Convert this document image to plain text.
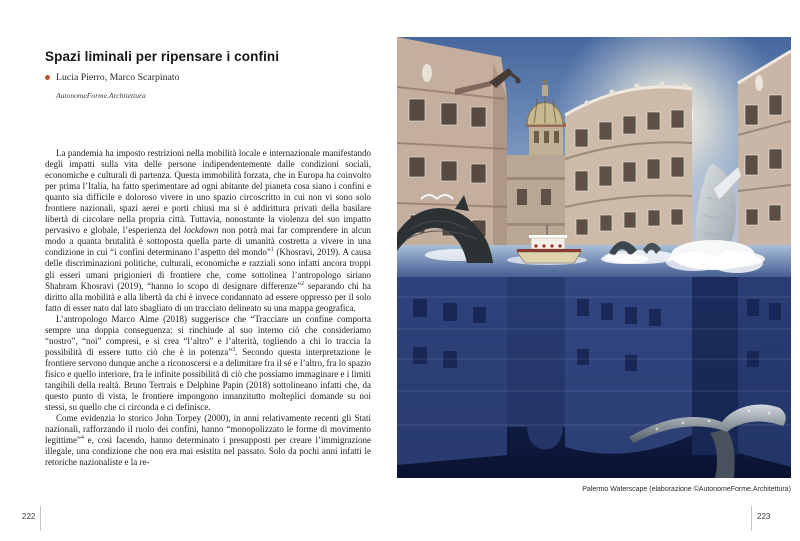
Spazi liminali per ripensare i confini
Lucia Pierro, Marco Scarpinato
AutonomeForme.Architettura

La pandemia ha imposto restrizioni nella mobilità locale e internazionale manifestando degli impatti sulla vita delle persone indipendentemente dalle condizioni sociali, economiche e culturali di partenza. Questa immobilità forzata, che in Europa ha coinvolto per prima l’Italia, ha fatto sperimentare ad ogni abitante del pianeta cosa siano i confini e quanto sia difficile e doloroso vivere in uno spazio circoscritto in cui non vi sono solo frontiere nazionali, spazi aerei e porti chiusi ma si è addirittura privati della basilare libertà di circolare nella propria città. Tuttavia, nonostante la violenza del suo impatto pervasivo e globale, l’esperienza del lockdown non potrà mai far comprendere in alcun modo a quanta brutalità è sottoposta quella parte di umanità costretta a vivere in una condizione in cui “i confini determinano l’aspetto del mondo”$^1$ (Khosravi, 2019). A causa delle discriminazioni politiche, culturali, economiche e razziali sono infatti ancora troppi gli esseri umani prigionieri di frontiere che, come sottolinea l’antropologo siriano Shahram Khosravi (2019), “hanno lo scopo di designare differenze”$^2$ separando chi ha diritto alla mobilità e alla libertà da chi è invece condannato ad essere oppresso per il solo fatto di esser nato dal lato sbagliato di un tracciato delineato su una mappa geografica.

L’antropologo Marco Aime (2018) suggerisce che “Tracciare un confine comporta sempre una doppia conseguenza: si rinchiude al suo interno ciò che consideriamo “nostro”, “noi” compresi, e si crea “l’altro” e l’alterità, togliendo a chi lo traccia la possibilità di essere tutto ciò che è in potenza”$^3$. Secondo questa interpretazione le frontiere servono dunque anche a riconoscersi e a delimitare fra il sé e l’altro, fra lo spazio fisico e quello interiore, fra le infinite possibilità di ciò che possiamo immaginare e i limiti tangibili della realtà. Bruno Tertrais e Delphine Papin (2018) sottolineano infatti che, da questo punto di vista, le frontiere impongono innanzitutto molteplici domande su noi stessi, su quello che ci circonda e ci definisce.

Come evidenzia lo storico John Torpey (2000), in anni relativamente recenti gli Stati nazionali, rafforzando il ruolo dei confini, hanno “monopolizzato le forme di movimento legittime”$^4$ e, così facendo, hanno determinato i presupposti per creare l’immigrazione illegale, una condizione che non era mai esistita nel passato. Solo da pochi anni infatti le retoriche nazionaliste e la re-

222
Palermo Waterscape (elaborazione ©AutonomeForme.Architettura)
223
